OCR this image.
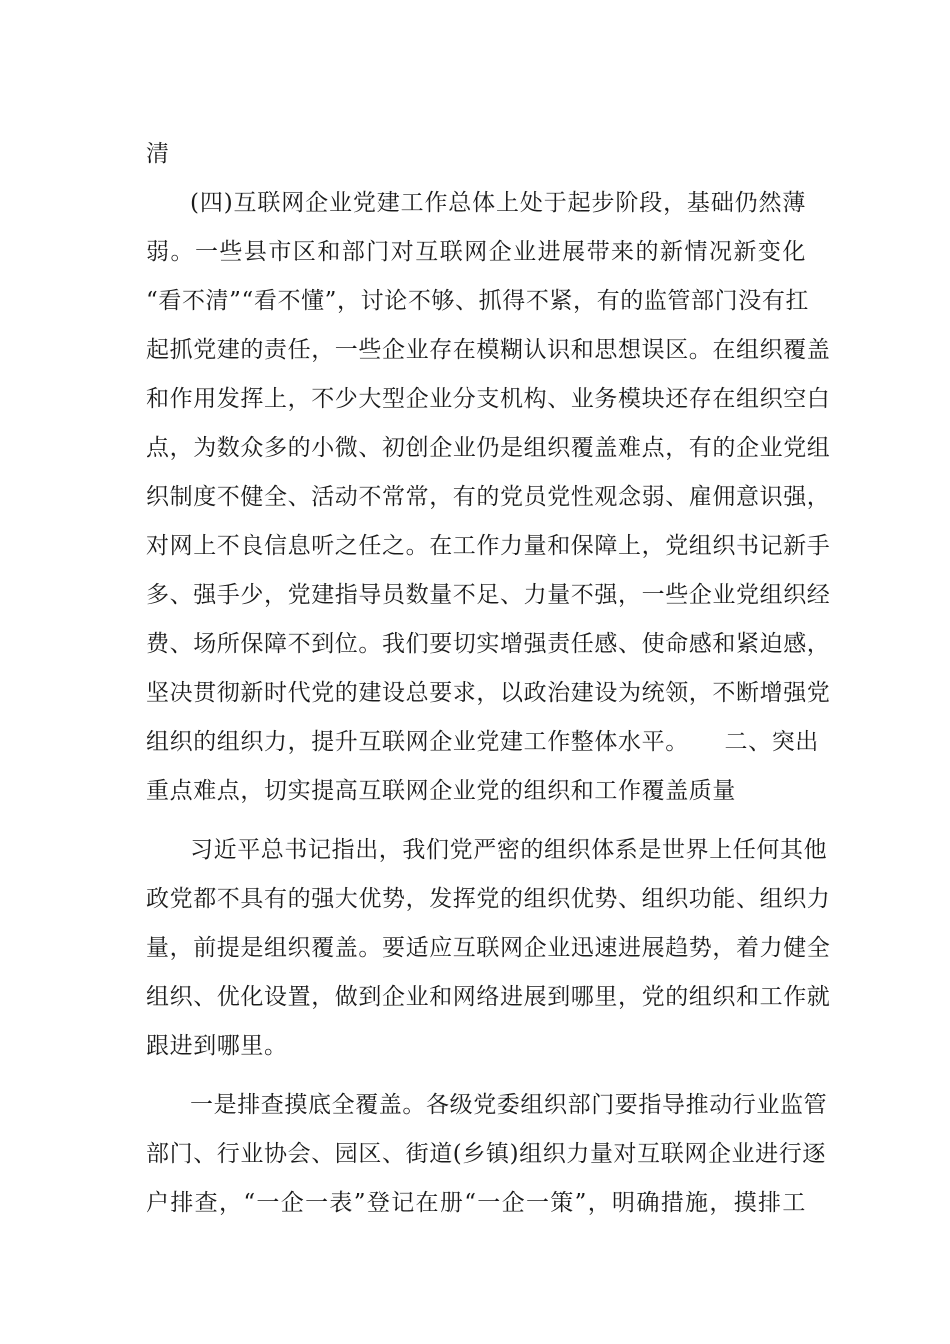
清
(四)互联网企业党建工作总体上处于起步阶段，基础仍然薄
弱。一些县市区和部门对互联网企业进展带来的新情况新变化
“看不清”“看不懂”，讨论不够、抓得不紧，有的监管部门没有扛
起抓党建的责任，一些企业存在模糊认识和思想误区。在组织覆盖
和作用发挥上，不少大型企业分支机构、业务模块还存在组织空白
点，为数众多的小微、初创企业仍是组织覆盖难点，有的企业党组
织制度不健全、活动不常常，有的党员党性观念弱、雇佣意识强，
对网上不良信息听之任之。在工作力量和保障上，党组织书记新手
多、强手少，党建指导员数量不足、力量不强，一些企业党组织经
费、场所保障不到位。我们要切实增强责任感、使命感和紧迫感，
坚决贯彻新时代党的建设总要求，以政治建设为统领，不断增强党
组织的组织力，提升互联网企业党建工作整体水平。　　二、突出
重点难点，切实提高互联网企业党的组织和工作覆盖质量
习近平总书记指出，我们党严密的组织体系是世界上任何其他
政党都不具有的强大优势，发挥党的组织优势、组织功能、组织力
量，前提是组织覆盖。要适应互联网企业迅速进展趋势，着力健全
组织、优化设置，做到企业和网络进展到哪里，党的组织和工作就
跟进到哪里。
一是排查摸底全覆盖。各级党委组织部门要指导推动行业监管
部门、行业协会、园区、街道(乡镇)组织力量对互联网企业进行逐
户排查，“一企一表”登记在册“一企一策”，明确措施，摸排工
